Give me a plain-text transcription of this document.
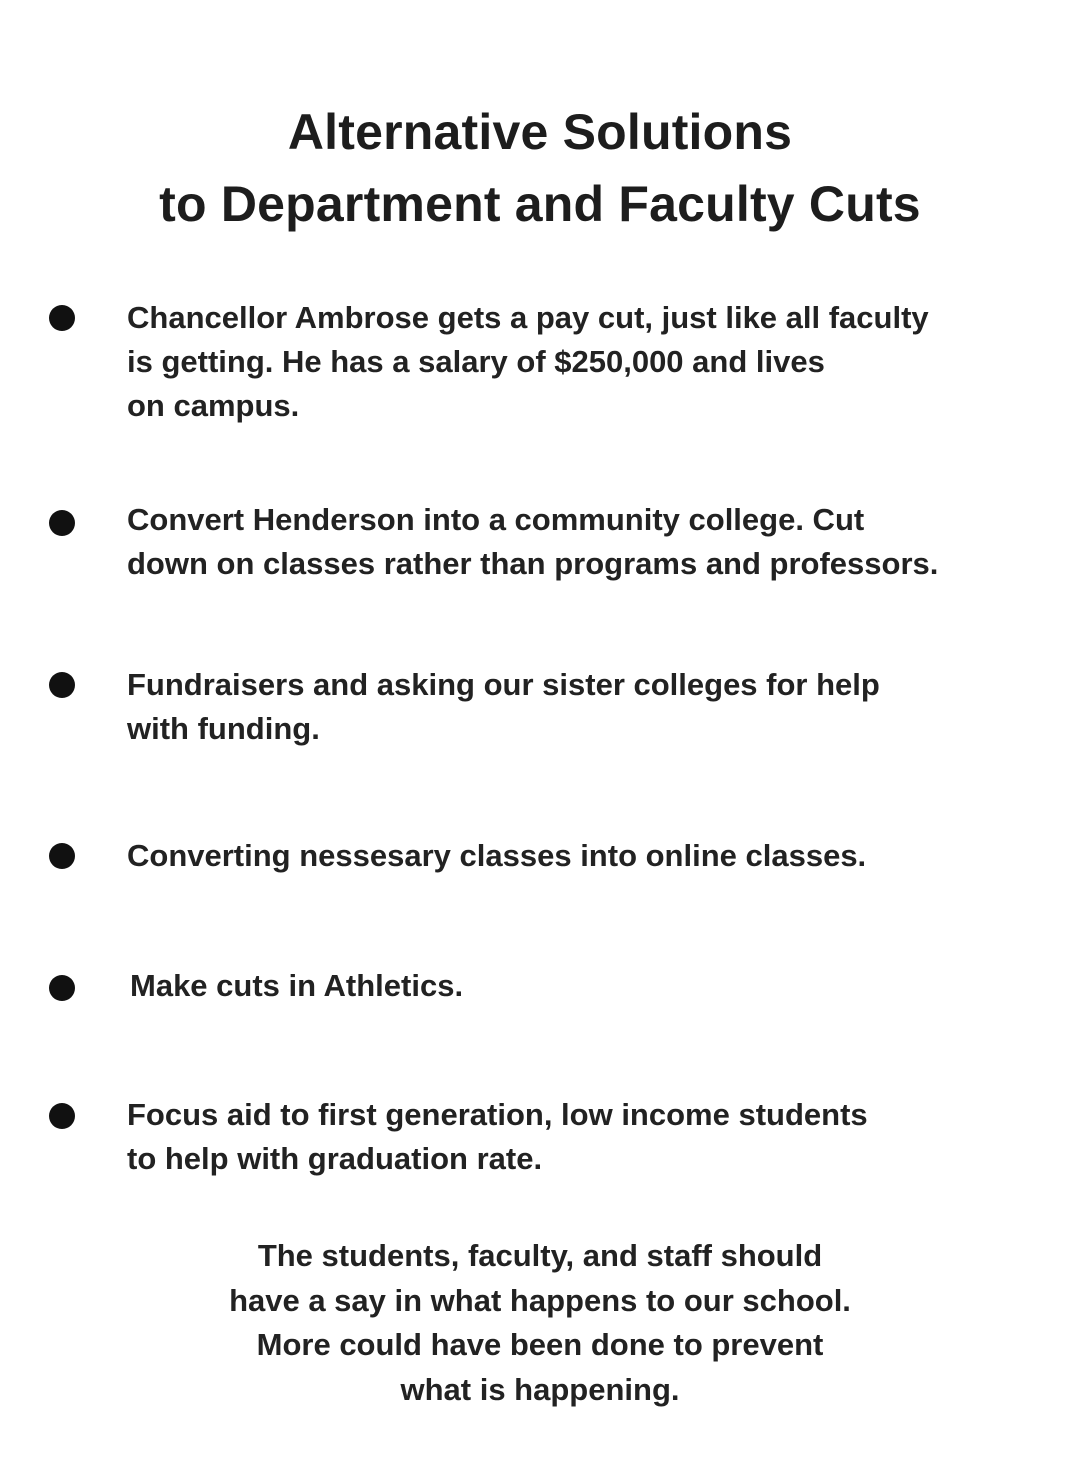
Alternative Solutions
to Department and Faculty Cuts
Chancellor Ambrose gets a pay cut, just like all faculty
is getting. He has a salary of $250,000 and lives
on campus.
Convert Henderson into a community college. Cut
down on classes rather than programs and professors.
Fundraisers and asking our sister colleges for help
with funding.
Converting nessesary classes into online classes.
Make cuts in Athletics.
Focus aid to first generation, low income students
to help with graduation rate.
The students, faculty, and staff should
have a say in what happens to our school.
More could have been done to prevent
what is happening.
